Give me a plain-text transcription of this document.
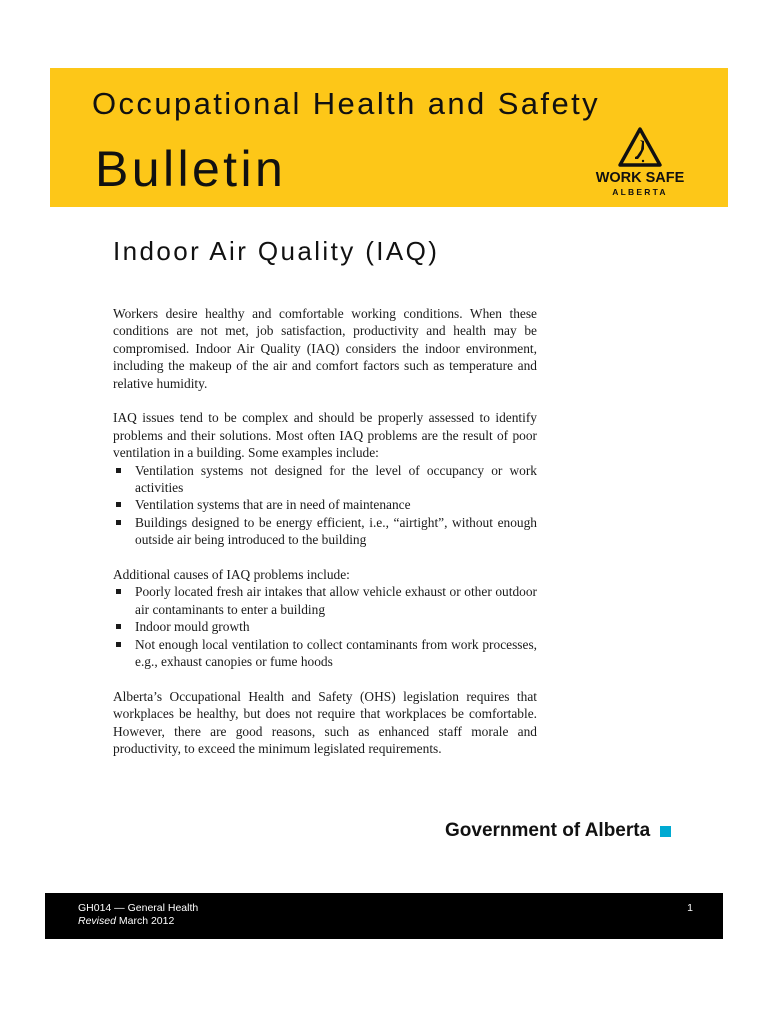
Occupational Health and Safety
Bulletin	WORK SAFE
ALBERTA
Indoor Air Quality (IAQ)

Workers desire healthy and comfortable working conditions. When these conditions are not met, job satisfaction, productivity and health may be compromised. Indoor Air Quality (IAQ) considers the indoor environment, including the makeup of the air and comfort factors such as temperature and relative humidity.

IAQ issues tend to be complex and should be properly assessed to identify problems and their solutions. Most often IAQ problems are the result of poor ventilation in a building. Some examples include:

Ventilation systems not designed for the level of occupancy or work activities
Ventilation systems that are in need of maintenance
Buildings designed to be energy efficient, i.e., “airtight”, without enough outside air being introduced to the building

Additional causes of IAQ problems include:

Poorly located fresh air intakes that allow vehicle exhaust or other outdoor air contaminants to enter a building
Indoor mould growth
Not enough local ventilation to collect contaminants from work processes, e.g., exhaust canopies or fume hoods

Alberta’s Occupational Health and Safety (OHS) legislation requires that workplaces be healthy, but does not require that workplaces be comfortable. However, there are good reasons, such as enhanced staff morale and productivity, to exceed the minimum legislated requirements.

Government of Alberta
GH014 — General Health
Revised March 2012
1
